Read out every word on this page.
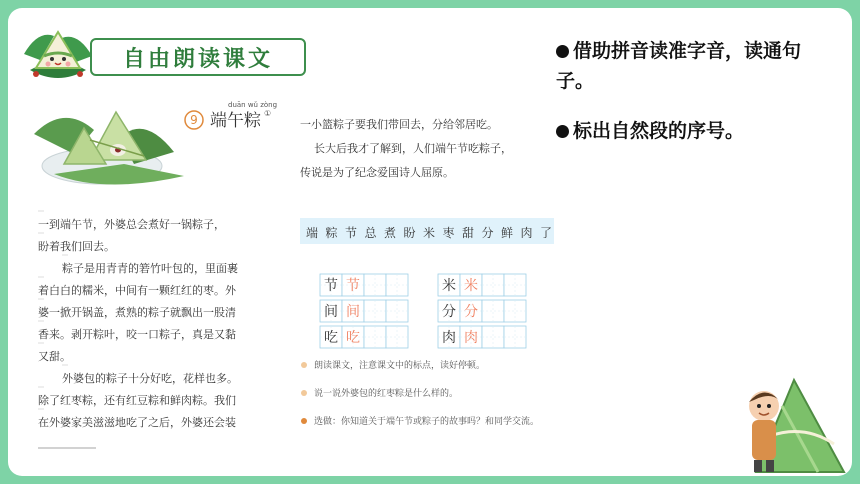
自由朗读课文
9
duān wǔ zòng
端午粽 ①
一到端午节，外婆总会煮好一锅粽子，
盼着我们回去。
粽子是用青青的箬竹叶包的，里面裹
着白白的糯米，中间有一颗红红的枣。外
婆一掀开锅盖，煮熟的粽子就飘出一股清
香来。剥开粽叶，咬一口粽子，真是又黏
又甜。
外婆包的粽子十分好吃，花样也多。
除了红枣粽，还有红豆粽和鲜肉粽。我们
在外婆家美滋滋地吃了之后，外婆还会装
一小篮粽子要我们带回去，分给邻居吃。
长大后我才了解到，人们端午节吃粽子，
传说是为了纪念爱国诗人屈原。
端 粽 节 总 煮 盼 米 枣 甜 分 鲜 肉 了
节 节
间 间
吃 吃
米 米
分 分
肉 肉
朗读课文，注意课文中的标点，读好停顿。
说一说外婆包的红枣粽是什么样的。
选做：你知道关于端午节或粽子的故事吗？和同学交流。
借助拼音读准字音，读通句子。
标出自然段的序号。
